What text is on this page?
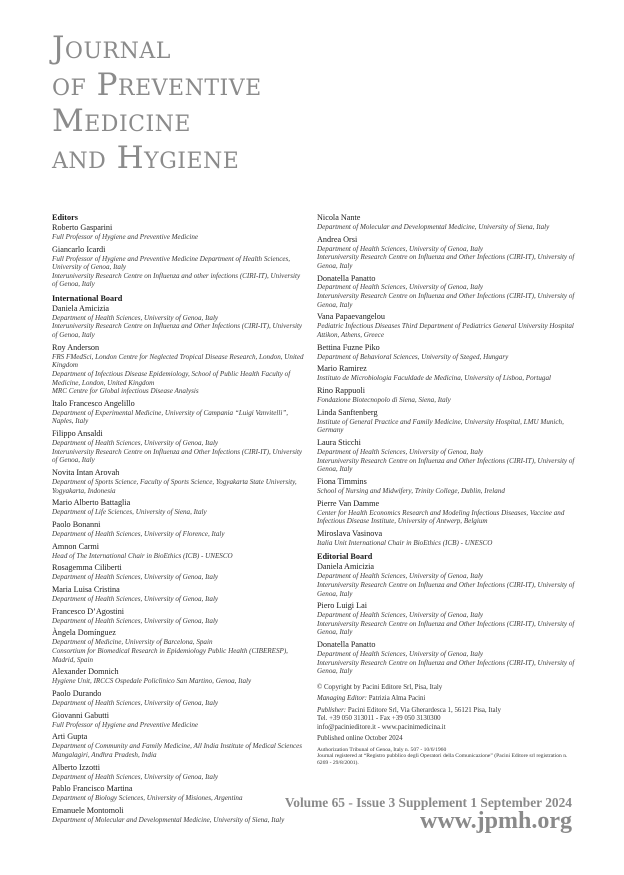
Journal
of Preventive
Medicine
and Hygiene
Editors
Roberto Gasparini
Full Professor of Hygiene and Preventive Medicine
Giancarlo Icardi
Full Professor of Hygiene and Preventive Medicine Department of Health Sciences, University of Genoa, Italy
Interuniversity Research Centre on Influenza and other infections (CIRI-IT), University of Genoa, Italy
International Board
Daniela Amicizia
Department of Health Sciences, University of Genoa, Italy
Interuniversity Research Centre on Influenza and Other Infections (CIRI-IT), University of Genoa, Italy
Roy Anderson
FRS FMedSci, London Centre for Neglected Tropical Disease Research, London, United Kingdom
Department of Infectious Disease Epidemiology, School of Public Health Faculty of Medicine, London, United Kingdom
MRC Centre for Global infectious Disease Analysis
Italo Francesco Angelillo
Department of Experimental Medicine, University of Campania “Luigi Vanvitelli”, Naples, Italy
Filippo Ansaldi
Department of Health Sciences, University of Genoa, Italy
Interuniversity Research Centre on Influenza and Other Infections (CIRI-IT), University of Genoa, Italy
Novita Intan Arovah
Department of Sports Science, Faculty of Sports Science, Yogyakarta State University, Yogyakarta, Indonesia
Mario Alberto Battaglia
Department of Life Sciences, University of Siena, Italy
Paolo Bonanni
Department of Health Sciences, University of Florence, Italy
Amnon Carmi
Head of The International Chair in BioEthics (ICB) - UNESCO
Rosagemma Ciliberti
Department of Health Sciences, University of Genoa, Italy
Maria Luisa Cristina
Department of Health Sciences, University of Genoa, Italy
Francesco D’Agostini
Department of Health Sciences, University of Genoa, Italy
Àngela Domínguez
Department of Medicine, University of Barcelona, Spain
Consortium for Biomedical Research in Epidemiology Public Health (CIBERESP), Madrid, Spain
Alexander Domnich
Hygiene Unit, IRCCS Ospedale Policlinico San Martino, Genoa, Italy
Paolo Durando
Department of Health Sciences, University of Genoa, Italy
Giovanni Gabutti
Full Professor of Hygiene and Preventive Medicine
Arti Gupta
Department of Community and Family Medicine, All India Institute of Medical Sciences Mangalagiri, Andhra Pradesh, India
Alberto Izzotti
Department of Health Sciences, University of Genoa, Italy
Pablo Francisco Martina
Department of Biology Sciences, University of Misiones, Argentina
Emanuele Montomoli
Department of Molecular and Developmental Medicine, University of Siena, Italy
Nicola Nante
Department of Molecular and Developmental Medicine, University of Siena, Italy
Andrea Orsi
Department of Health Sciences, University of Genoa, Italy
Interuniversity Research Centre on Influenza and Other Infections (CIRI-IT), University of Genoa, Italy
Donatella Panatto
Department of Health Sciences, University of Genoa, Italy
Interuniversity Research Centre on Influenza and Other Infections (CIRI-IT), University of Genoa, Italy
Vana Papaevangelou
Pediatric Infectious Diseases Third Department of Pediatrics General University Hospital Attikon, Athens, Greece
Bettina Fuzne Piko
Department of Behavioral Sciences, University of Szeged, Hungary
Mario Ramirez
Instituto de Microbiologia Faculdade de Medicina, University of Lisboa, Portugal
Rino Rappuoli
Fondazione Biotecnopolo di Siena, Siena, Italy
Linda Sanftenberg
Institute of General Practice and Family Medicine, University Hospital, LMU Munich, Germany
Laura Sticchi
Department of Health Sciences, University of Genoa, Italy
Interuniversity Research Centre on Influenza and Other Infections (CIRI-IT), University of Genoa, Italy
Fiona Timmins
School of Nursing and Midwifery, Trinity College, Dublin, Ireland
Pierre Van Damme
Center for Health Economics Research and Modeling Infectious Diseases, Vaccine and Infectious Disease Institute, University of Antwerp, Belgium
Miroslava Vasinova
Italia Unit International Chair in BioEthics (ICB) - UNESCO
Editorial Board
Daniela Amicizia
Department of Health Sciences, University of Genoa, Italy
Interuniversity Research Centre on Influenza and Other Infections (CIRI-IT), University of Genoa, Italy
Piero Luigi Lai
Department of Health Sciences, University of Genoa, Italy
Interuniversity Research Centre on Influenza and Other Infections (CIRI-IT), University of Genoa, Italy
Donatella Panatto
Department of Health Sciences, University of Genoa, Italy
Interuniversity Research Centre on Influenza and Other Infections (CIRI-IT), University of Genoa, Italy
© Copyright by Pacini Editore Srl, Pisa, Italy
Managing Editor: Patrizia Alma Pacini
Publisher: Pacini Editore Srl, Via Gherardesca 1, 56121 Pisa, Italy
Tel. +39 050 313011 - Fax +39 050 3130300
info@pacinieditore.it - www.pacinimedicina.it
Published online October 2024
Authorization Tribunal of Genoa, Italy n. 507 - 10/6/1960
Journal registered at “Registro pubblico degli Operatori della Comunicazione” (Pacini Editore srl registration n. 6269 - 29/8/2001).
Volume 65 - Issue 3 Supplement 1 September 2024
www.jpmh.org
